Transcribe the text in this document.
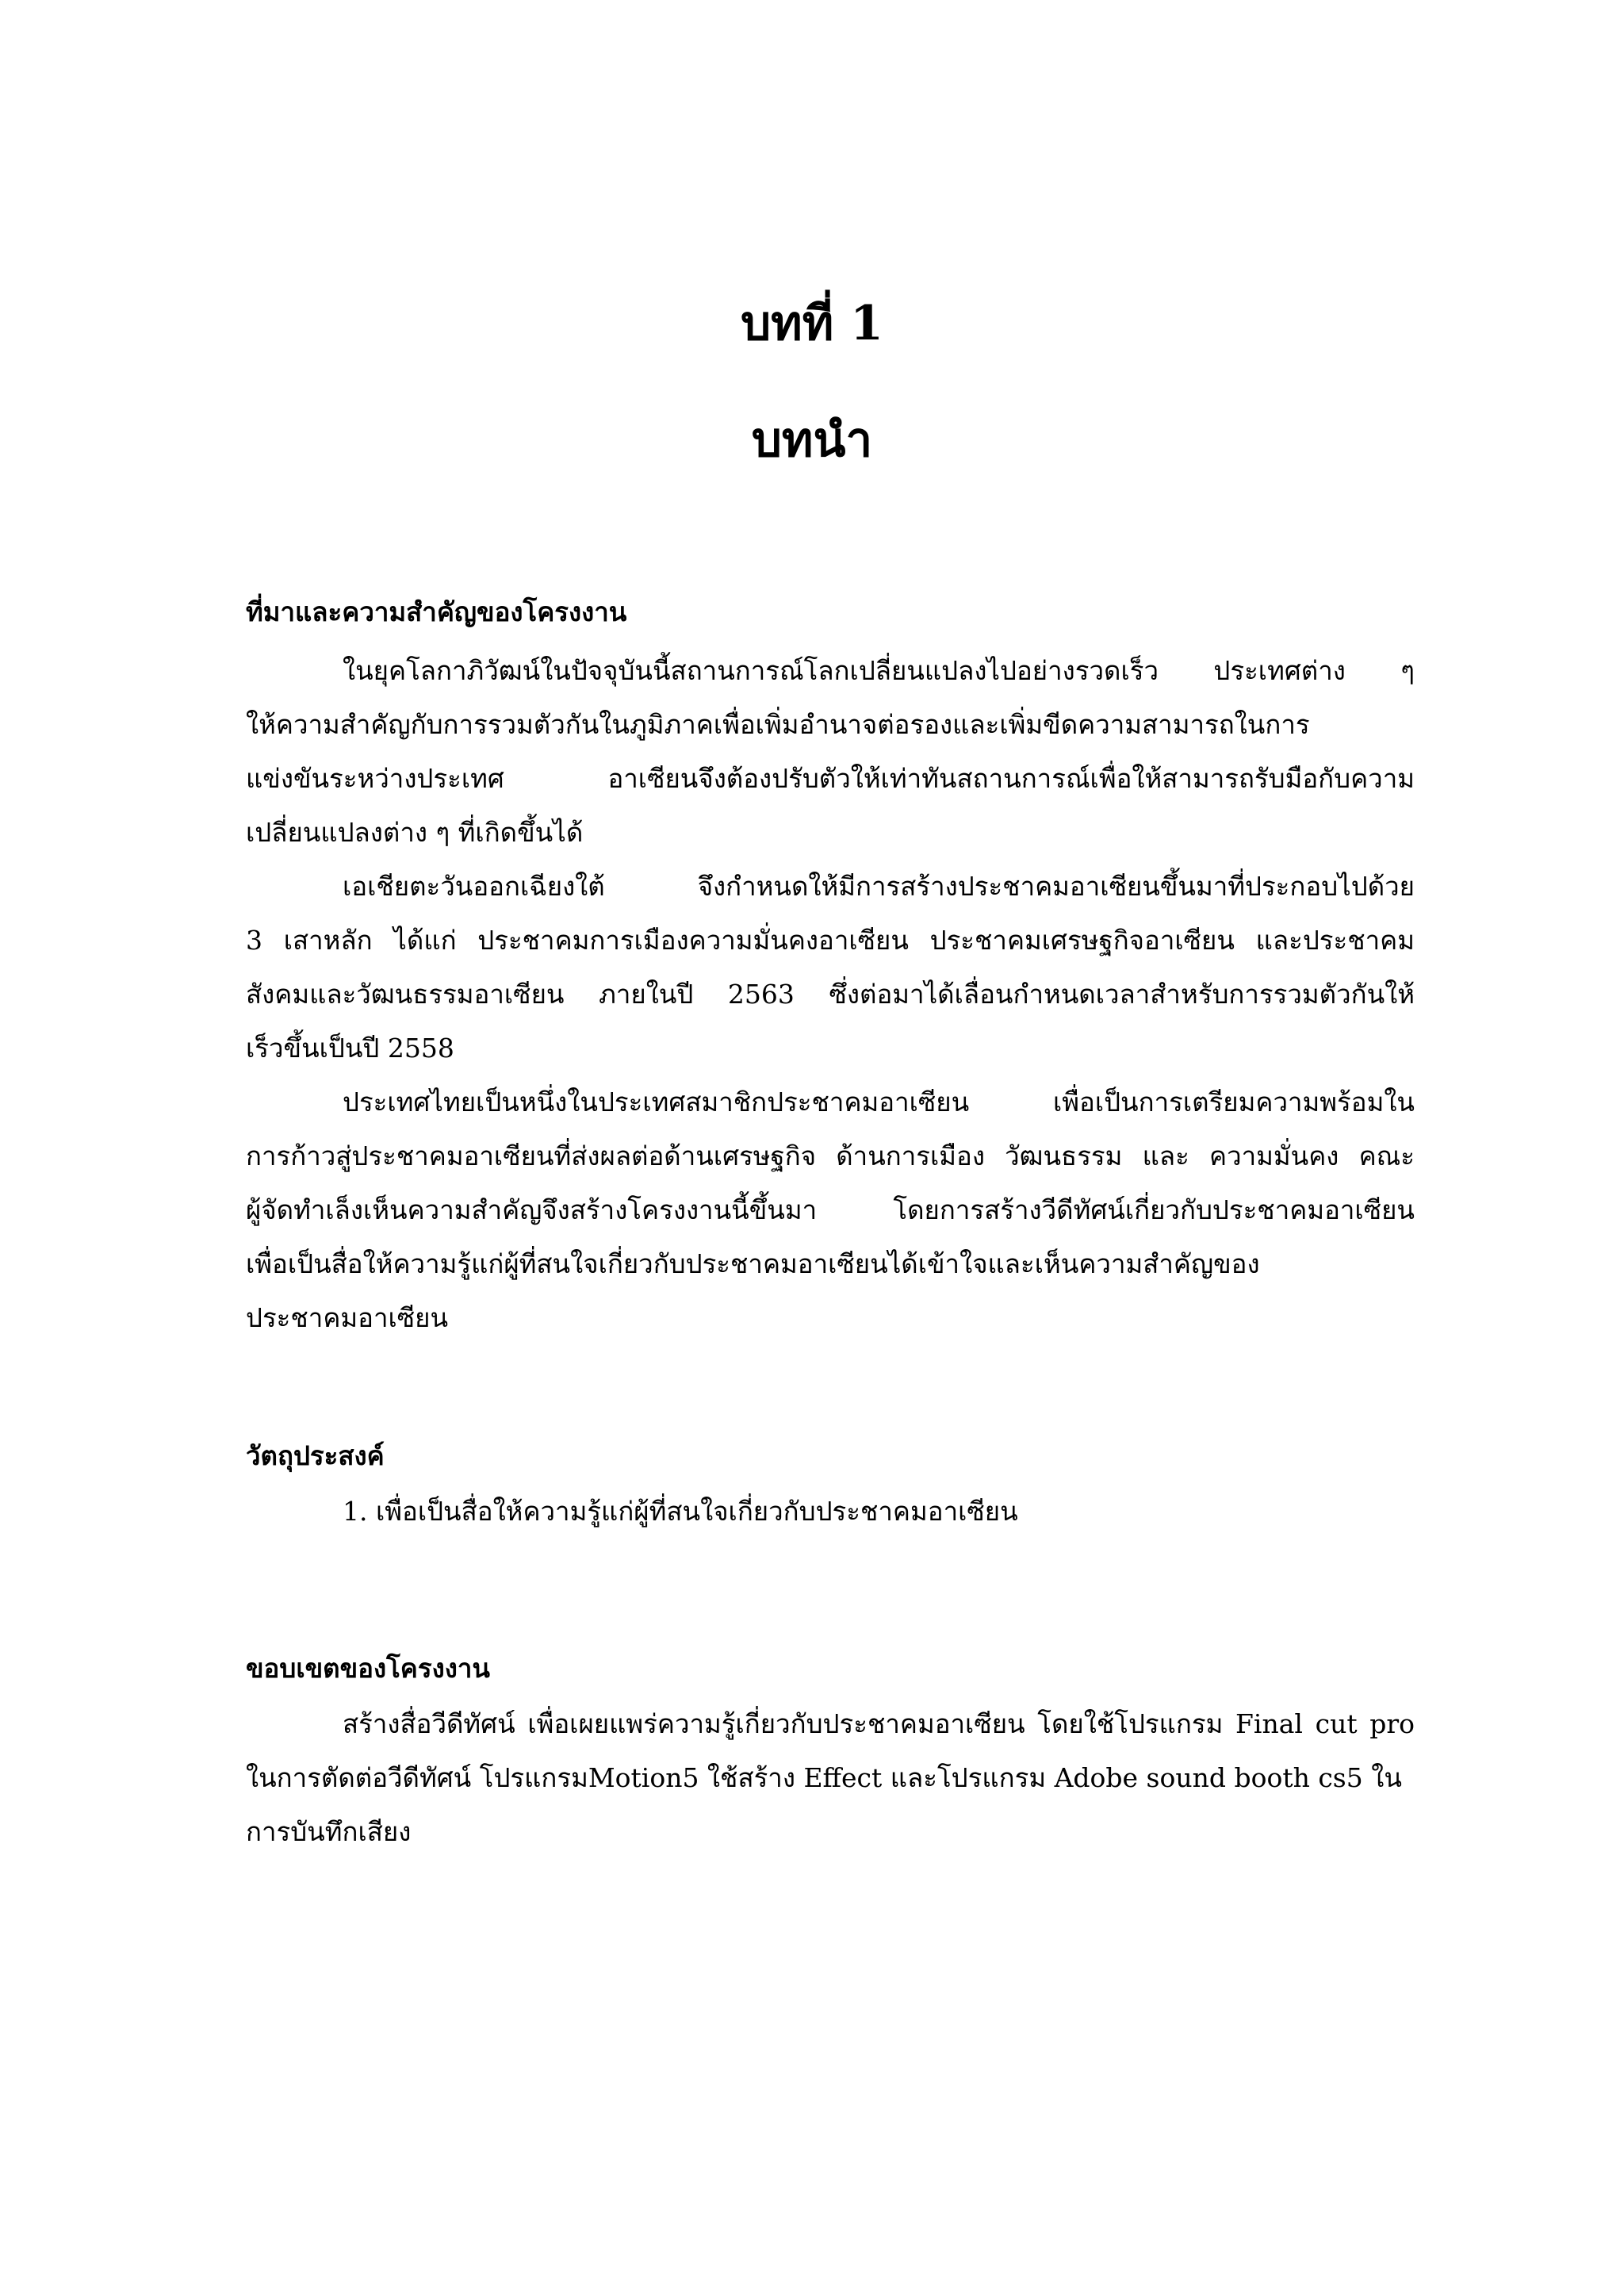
บทที่ 1
บทนำ
ที่มาและความสำคัญของโครงงาน

ในยุคโลกาภิวัฒน์ในปัจจุบันนี้สถานการณ์โลกเปลี่ยนแปลงไปอย่างรวดเร็ว ประเทศต่าง ๆ

ให้ความสำคัญกับการรวมตัวกันในภูมิภาคเพื่อเพิ่มอำนาจต่อรองและเพิ่มขีดความสามารถในการ

แข่งขันระหว่างประเทศ อาเซียนจึงต้องปรับตัวให้เท่าทันสถานการณ์เพื่อให้สามารถรับมือกับความ

เปลี่ยนแปลงต่าง ๆ ที่เกิดขึ้นได้

เอเชียตะวันออกเฉียงใต้ จึงกำหนดให้มีการสร้างประชาคมอาเซียนขึ้นมาที่ประกอบไปด้วย

3 เสาหลัก ได้แก่ ประชาคมการเมืองความมั่นคงอาเซียน ประชาคมเศรษฐกิจอาเซียน และประชาคม

สังคมและวัฒนธรรมอาเซียน ภายในปี 2563 ซึ่งต่อมาได้เลื่อนกำหนดเวลาสำหรับการรวมตัวกันให้

เร็วขึ้นเป็นปี 2558

ประเทศไทยเป็นหนึ่งในประเทศสมาชิกประชาคมอาเซียน เพื่อเป็นการเตรียมความพร้อมใน

การก้าวสู่ประชาคมอาเซียนที่ส่งผลต่อด้านเศรษฐกิจ ด้านการเมือง วัฒนธรรม และ ความมั่นคง คณะ

ผู้จัดทำเล็งเห็นความสำคัญจึงสร้างโครงงานนี้ขึ้นมา โดยการสร้างวีดีทัศน์เกี่ยวกับประชาคมอาเซียน

เพื่อเป็นสื่อให้ความรู้แก่ผู้ที่สนใจเกี่ยวกับประชาคมอาเซียนได้เข้าใจและเห็นความสำคัญของ

ประชาคมอาเซียน

วัตถุประสงค์

1. เพื่อเป็นสื่อให้ความรู้แก่ผู้ที่สนใจเกี่ยวกับประชาคมอาเซียน

ขอบเขตของโครงงาน

สร้างสื่อวีดีทัศน์ เพื่อเผยแพร่ความรู้เกี่ยวกับประชาคมอาเซียน โดยใช้โปรแกรม Final cut pro

ในการตัดต่อวีดีทัศน์ โปรแกรมMotion5 ใช้สร้าง Effect และโปรแกรม Adobe sound booth cs5 ใน

การบันทึกเสียง
